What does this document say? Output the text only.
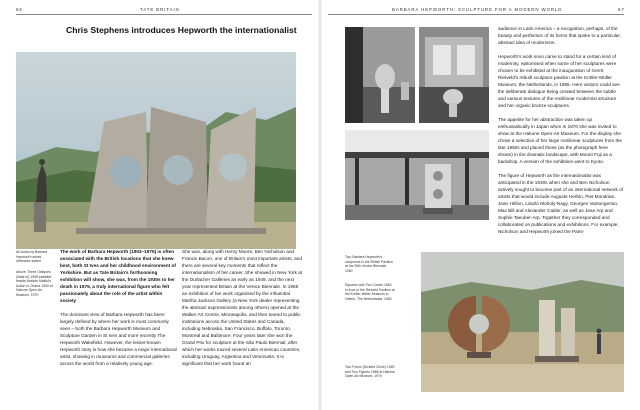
66	TATE BRITAIN	BARBARA HEPWORTH: SCULPTURE FOR A MODERN WORLD	67
Chris Stephens introduces Hepworth the internationalist
All works by Barbara Hepworth unless otherwise stated
Above: Three Obliques (Walk In) 1968 installed beside Aristide Maillol's Action in Chains 1906 at Hakone Open-Air Museum, 1970

The work of Barbara Hepworth (1903–1975) is often associated with the British locations that she knew best, both St Ives and her childhood environment of Yorkshire. But as Tate Britain's forthcoming exhibition will show, she was, from the 1930s to her death in 1975, a truly international figure who felt passionately about the role of the artist within society

The dominant view of Barbara Hepworth has been largely defined by where her work is most commonly seen – both the Barbara Hepworth Museum and Sculpture Garden in St Ives and more recently The Hepworth Wakefield. However, the lesser-known Hepworth story is how she became a major international artist, showing in museums and commercial galleries across the world from a relatively young age.

She was, along with Henry Moore, Ben Nicholson and Francis Bacon, one of Britain's most important artists, and there are several key moments that reflect the internationalism of her career. She showed in New York at the Durlacher Galleries as early as 1949, and the next year represented Britain at the Venice Biennale. In 1955 an exhibition of her work organised by the influential Martha Jackson Gallery (a New York dealer representing the abstract expressionists among others) opened at the Walker Art Centre, Minneapolis, and then toured to public institutions across the United States and Canada, including Nebraska, San Francisco, Buffalo, Toronto, Montreal and Baltimore. Four years later she won the Grand Prix for sculpture at the São Paulo Biennial, after which her works toured several Latin American countries, including Uruguay, Argentina and Venezuela. It is significant that her work found an

audience in Latin America – a recognition, perhaps, of the beauty and perfection of its forms that spoke to a particular, abstract idea of modernism.

Hepworth's work soon came to stand for a certain kind of modernity, epitomised when some of her sculptures were chosen to be exhibited at the inauguration of Gerrit Rietveld's rebuilt sculpture pavilion at the Kröller-Müller Museum, the Netherlands, in 1965. Here visitors could see the deliberate dialogue being created between the subtle and various textures of the rectilinear modernist structure and her organic bronze sculptures.

The appetite for her abstraction was taken up enthusiastically in Japan when in 1970 she was invited to show at the Hakone Open-Air Museum. For the display she chose a selection of her large rectilinear sculptures from the late 1960s and placed these (as the photograph here shows) in the dramatic landscape, with Mount Fuji as a backdrop. A version of the exhibition went to Kyoto.

The figure of Hepworth as the internationalist was anticipated in the 1930s when she and Ben Nicholson actively sought to become part of an international network of artists that would include Auguste Herbin, Piet Mondrian, Jean Hélion, László Moholy-Nagy, Georges Vantongerloo, Max Bill and Alexander Calder, as well as Jean Arp and Sophie Taeuber-Arp. Together they corresponded and collaborated on publications and exhibitions. For example, Nicholson and Hepworth joined the Paris-

Top: Barbara Hepworth's sculptures in the British Pavilion at the 25th Venice Biennale, 1950
Squares with Two Circles 1963 in front of the Rietveld Pavilion at the Kröller-Müller Museum in Otterlo, The Netherlands, 1965
Two Forms (Divided Circle) 1969 and Two Figures 1968 at Hakone Open-Air Museum, 1970
